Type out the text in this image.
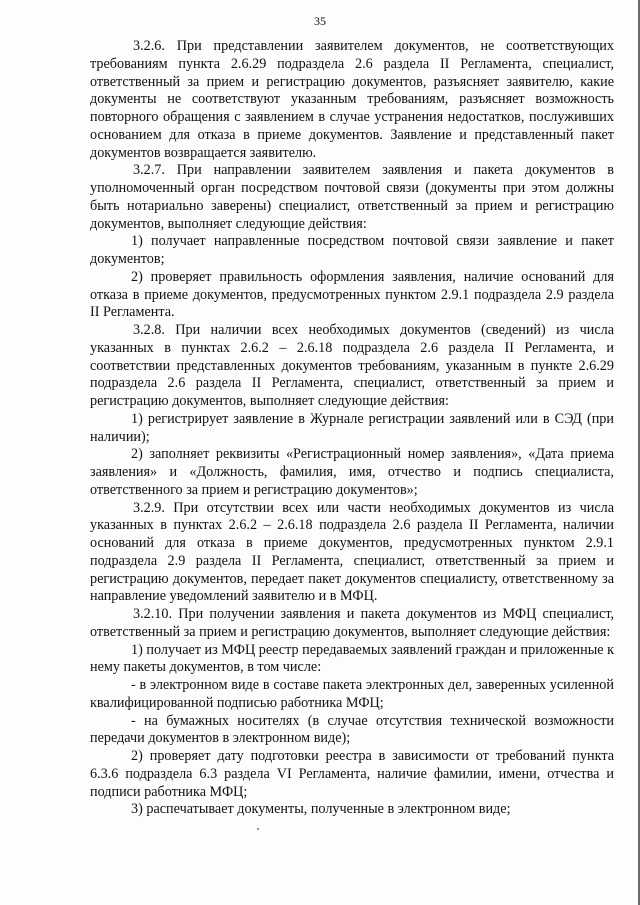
35

3.2.6. При представлении заявителем документов, не соответствующих требованиям пункта 2.6.29 подраздела 2.6 раздела II Регламента, специалист, ответственный за прием и регистрацию документов, разъясняет заявителю, какие документы не соответствуют указанным требованиям, разъясняет возможность повторного обращения с заявлением в случае устранения недостатков, послуживших основанием для отказа в приеме документов. Заявление и представленный пакет документов возвращается заявителю.

3.2.7. При направлении заявителем заявления и пакета документов в уполномоченный орган посредством почтовой связи (документы при этом должны быть нотариально заверены) специалист, ответственный за прием и регистрацию документов, выполняет следующие действия:

1) получает направленные посредством почтовой связи заявление и пакет документов;

2) проверяет правильность оформления заявления, наличие оснований для отказа в приеме документов, предусмотренных пунктом 2.9.1 подраздела 2.9 раздела II Регламента.

3.2.8. При наличии всех необходимых документов (сведений) из числа указанных в пунктах 2.6.2 – 2.6.18 подраздела 2.6 раздела II Регламента, и соответствии представленных документов требованиям, указанным в пункте 2.6.29 подраздела 2.6 раздела II Регламента, специалист, ответственный за прием и регистрацию документов, выполняет следующие действия:

1) регистрирует заявление в Журнале регистрации заявлений или в СЭД (при наличии);

2) заполняет реквизиты «Регистрационный номер заявления», «Дата приема заявления» и «Должность, фамилия, имя, отчество и подпись специалиста, ответственного за прием и регистрацию документов»;

3.2.9. При отсутствии всех или части необходимых документов из числа указанных в пунктах 2.6.2 – 2.6.18 подраздела 2.6 раздела II Регламента, наличии оснований для отказа в приеме документов, предусмотренных пунктом 2.9.1 подраздела 2.9 раздела II Регламента, специалист, ответственный за прием и регистрацию документов, передает пакет документов специалисту, ответственному за направление уведомлений заявителю и в МФЦ.

3.2.10. При получении заявления и пакета документов из МФЦ специалист, ответственный за прием и регистрацию документов, выполняет следующие действия:

1) получает из МФЦ реестр передаваемых заявлений граждан и приложенные к нему пакеты документов, в том числе:

- в электронном виде в составе пакета электронных дел, заверенных усиленной квалифицированной подписью работника МФЦ;

- на бумажных носителях (в случае отсутствия технической возможности передачи документов в электронном виде);

2) проверяет дату подготовки реестра в зависимости от требований пункта 6.3.6 подраздела 6.3 раздела VI Регламента, наличие фамилии, имени, отчества и подписи работника МФЦ;

3) распечатывает документы, полученные в электронном виде;
